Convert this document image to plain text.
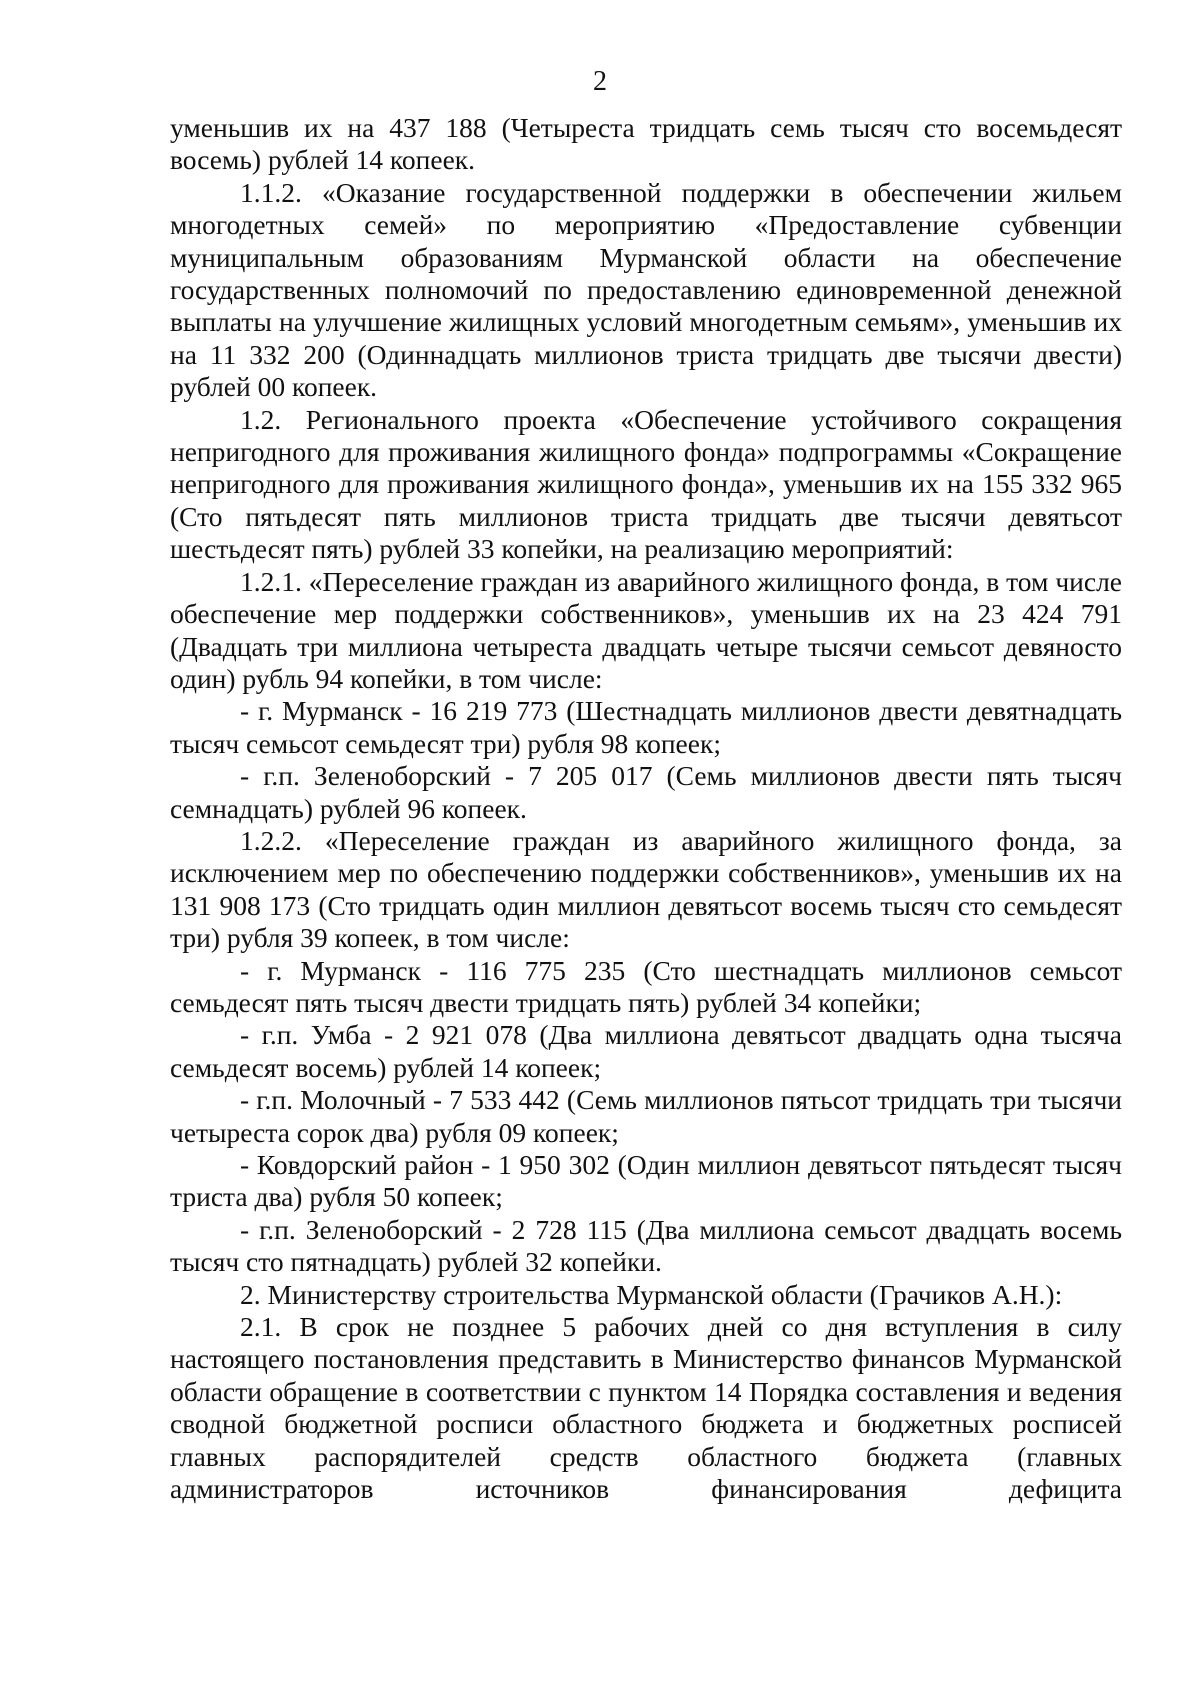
2

уменьшив их на 437 188 (Четыреста тридцать семь тысяч сто восемьдесят восемь) рублей 14 копеек.

1.1.2. «Оказание государственной поддержки в обеспечении жильем многодетных семей» по мероприятию «Предоставление субвенции муниципальным образованиям Мурманской области на обеспечение государственных полномочий по предоставлению единовременной денежной выплаты на улучшение жилищных условий многодетным семьям», уменьшив их на 11 332 200 (Одиннадцать миллионов триста тридцать две тысячи двести) рублей 00 копеек.

1.2. Регионального проекта «Обеспечение устойчивого сокращения непригодного для проживания жилищного фонда» подпрограммы «Сокращение непригодного для проживания жилищного фонда», уменьшив их на 155 332 965 (Сто пятьдесят пять миллионов триста тридцать две тысячи девятьсот шестьдесят пять) рублей 33 копейки, на реализацию мероприятий:

1.2.1. «Переселение граждан из аварийного жилищного фонда, в том числе обеспечение мер поддержки собственников», уменьшив их на 23 424 791 (Двадцать три миллиона четыреста двадцать четыре тысячи семьсот девяносто один) рубль 94 копейки, в том числе:

- г. Мурманск - 16 219 773 (Шестнадцать миллионов двести девятнадцать тысяч семьсот семьдесят три) рубля 98 копеек;

- г.п. Зеленоборский - 7 205 017 (Семь миллионов двести пять тысяч семнадцать) рублей 96 копеек.

1.2.2. «Переселение граждан из аварийного жилищного фонда, за исключением мер по обеспечению поддержки собственников», уменьшив их на 131 908 173 (Сто тридцать один миллион девятьсот восемь тысяч сто семьдесят три) рубля 39 копеек, в том числе:

- г. Мурманск - 116 775 235 (Сто шестнадцать миллионов семьсот семьдесят пять тысяч двести тридцать пять) рублей 34 копейки;

- г.п. Умба - 2 921 078 (Два миллиона девятьсот двадцать одна тысяча семьдесят восемь) рублей 14 копеек;

- г.п. Молочный - 7 533 442 (Семь миллионов пятьсот тридцать три тысячи четыреста сорок два) рубля 09 копеек;

- Ковдорский район - 1 950 302 (Один миллион девятьсот пятьдесят тысяч триста два) рубля 50 копеек;

- г.п. Зеленоборский - 2 728 115 (Два миллиона семьсот двадцать восемь тысяч сто пятнадцать) рублей 32 копейки.

2. Министерству строительства Мурманской области (Грачиков А.Н.):

2.1. В срок не позднее 5 рабочих дней со дня вступления в силу настоящего постановления представить в Министерство финансов Мурманской области обращение в соответствии с пунктом 14 Порядка составления и ведения сводной бюджетной росписи областного бюджета и бюджетных росписей главных распорядителей средств областного бюджета (главных администраторов источников финансирования дефицита
